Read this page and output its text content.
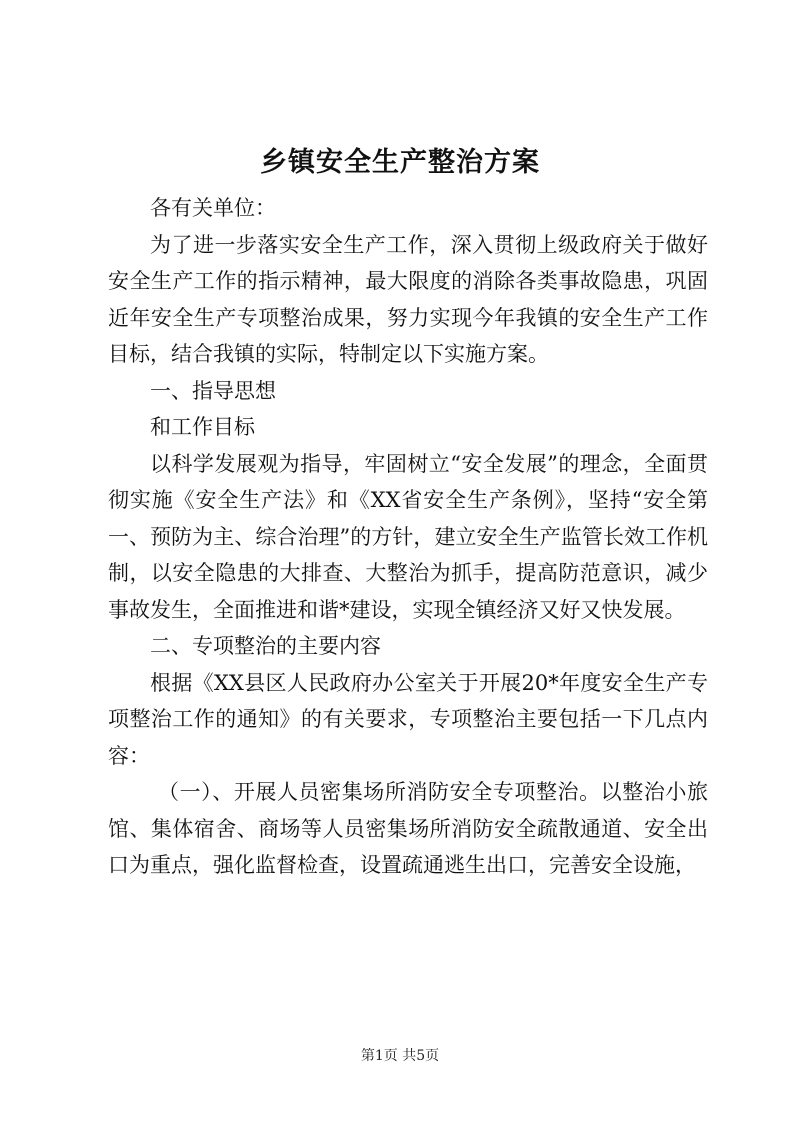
乡镇安全生产整治方案

各有关单位：

为了进一步落实安全生产工作，深入贯彻上级政府关于做好安全生产工作的指示精神，最大限度的消除各类事故隐患，巩固近年安全生产专项整治成果，努力实现今年我镇的安全生产工作目标，结合我镇的实际，特制定以下实施方案。

一、指导思想

和工作目标

以科学发展观为指导，牢固树立“安全发展”的理念，全面贯彻实施《安全生产法》和《XX省安全生产条例》，坚持“安全第一、预防为主、综合治理”的方针，建立安全生产监管长效工作机制，以安全隐患的大排查、大整治为抓手，提高防范意识，减少事故发生，全面推进和谐*建设，实现全镇经济又好又快发展。

二、专项整治的主要内容

根据《XX县区人民政府办公室关于开展20*年度安全生产专项整治工作的通知》的有关要求，专项整治主要包括一下几点内容：

（一）、开展人员密集场所消防安全专项整治。以整治小旅馆、集体宿舍、商场等人员密集场所消防安全疏散通道、安全出口为重点，强化监督检查，设置疏通逃生出口，完善安全设施，

第1页 共5页
